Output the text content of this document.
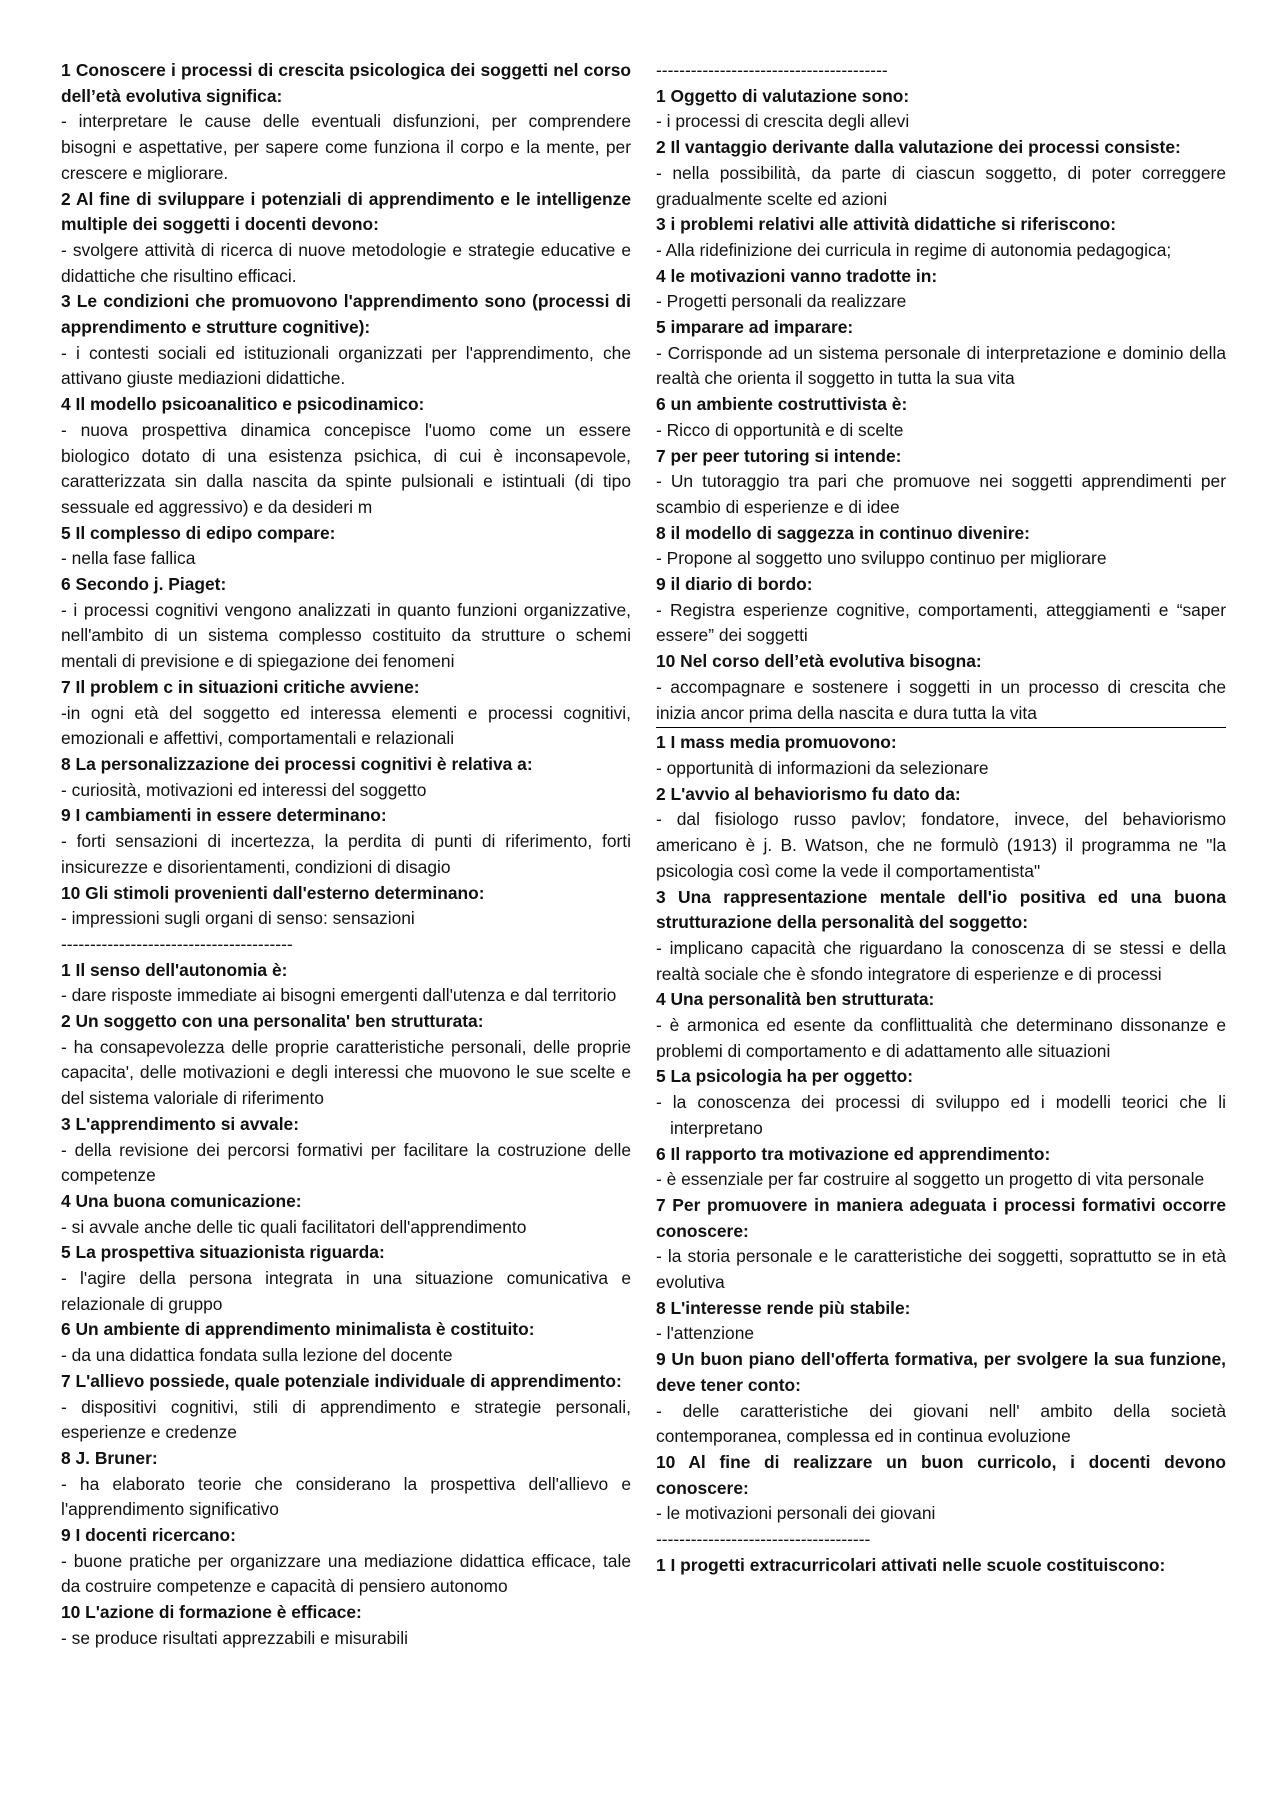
1 Conoscere i processi di crescita psicologica dei soggetti nel corso dell’età evolutiva significa:
- interpretare le cause delle eventuali disfunzioni, per comprendere bisogni e aspettative, per sapere come funziona il corpo e la mente, per crescere e migliorare.
2 Al fine di sviluppare i potenziali di apprendimento e le intelligenze multiple dei soggetti i docenti devono:
- svolgere attività di ricerca di nuove metodologie e strategie educative e didattiche che risultino efficaci.
3 Le condizioni che promuovono l'apprendimento sono (processi di apprendimento e strutture cognitive):
- i contesti sociali ed istituzionali organizzati per l'apprendimento, che attivano giuste mediazioni didattiche.
4 Il modello psicoanalitico e psicodinamico:
- nuova prospettiva dinamica concepisce l'uomo come un essere biologico dotato di una esistenza psichica, di cui è inconsapevole, caratterizzata sin dalla nascita da spinte pulsionali e istintuali (di tipo sessuale ed aggressivo) e da desideri m
5 Il complesso di edipo compare:
- nella fase fallica
6 Secondo j. Piaget:
- i processi cognitivi vengono analizzati in quanto funzioni organizzative, nell'ambito di un sistema complesso costituito da strutture o schemi mentali di previsione e di spiegazione dei fenomeni
7 Il problem c in situazioni critiche avviene:
-in ogni età del soggetto ed interessa elementi e processi cognitivi, emozionali e affettivi, comportamentali e relazionali
8 La personalizzazione dei processi cognitivi è relativa a:
- curiosità, motivazioni ed interessi del soggetto
9 I cambiamenti in essere determinano:
- forti sensazioni di incertezza, la perdita di punti di riferimento, forti insicurezze e disorientamenti, condizioni di disagio
10 Gli stimoli provenienti dall'esterno determinano:
- impressioni sugli organi di senso: sensazioni
----------------------------------------
1 Il senso dell'autonomia è:
- dare risposte immediate ai bisogni emergenti dall'utenza e dal territorio
2 Un soggetto con una personalita' ben strutturata:
- ha consapevolezza delle proprie caratteristiche personali, delle proprie capacita', delle motivazioni e degli interessi che muovono le sue scelte e del sistema valoriale di riferimento
3 L'apprendimento si avvale:
- della revisione dei percorsi formativi per facilitare la costruzione delle competenze
4 Una buona comunicazione:
- si avvale anche delle tic quali facilitatori dell'apprendimento
5 La prospettiva situazionista riguarda:
- l'agire della persona integrata in una situazione comunicativa e relazionale di gruppo
6 Un ambiente di apprendimento minimalista è costituito:
- da una didattica fondata sulla lezione del docente
7 L'allievo possiede, quale potenziale individuale di apprendimento:
- dispositivi cognitivi, stili di apprendimento e strategie personali, esperienze e credenze
8 J. Bruner:
- ha elaborato teorie che considerano la prospettiva dell'allievo e l'apprendimento significativo
9 I docenti ricercano:
- buone pratiche per organizzare una mediazione didattica efficace, tale da costruire competenze e capacità di pensiero autonomo
10 L'azione di formazione è efficace:
- se produce risultati apprezzabili e misurabili
----------------------------------------
1 Oggetto di valutazione sono:
- i processi di crescita degli allevi
2 Il vantaggio derivante dalla valutazione dei processi consiste:
- nella possibilità, da parte di ciascun soggetto, di poter correggere gradualmente scelte ed azioni
3 i problemi relativi alle attività didattiche si riferiscono:
- Alla ridefinizione dei curricula in regime di autonomia pedagogica;
4 le motivazioni vanno tradotte in:
- Progetti personali da realizzare
5 imparare ad imparare:
- Corrisponde ad un sistema personale di interpretazione e dominio della realtà che orienta il soggetto in tutta la sua vita
6 un ambiente costruttivista è:
- Ricco di opportunità e di scelte
7 per peer tutoring si intende:
- Un tutoraggio tra pari che promuove nei soggetti apprendimenti per scambio di esperienze e di idee
8 il modello di saggezza in continuo divenire:
- Propone al soggetto uno sviluppo continuo per migliorare
9 il diario di bordo:
- Registra esperienze cognitive, comportamenti, atteggiamenti e “saper essere” dei soggetti
10 Nel corso dell’età evolutiva bisogna:
- accompagnare e sostenere i soggetti in un processo di crescita che inizia ancor prima della nascita e dura tutta la vita
1 I mass media promuovono:
- opportunità di informazioni da selezionare
2 L'avvio al behaviorismo fu dato da:
- dal fisiologo russo pavlov; fondatore, invece, del behaviorismo americano è j. B. Watson, che ne formulò (1913) il programma ne "la psicologia così come la vede il comportamentista"
3 Una rappresentazione mentale dell'io positiva ed una buona strutturazione della personalità del soggetto:
- implicano capacità che riguardano la conoscenza di se stessi e della realtà sociale che è sfondo integratore di esperienze e di processi
4 Una personalità ben strutturata:
- è armonica ed esente da conflittualità che determinano dissonanze e problemi di comportamento e di adattamento alle situazioni
5 La psicologia ha per oggetto:
- la conoscenza dei processi di sviluppo ed i modelli teorici che li interpretano
6 Il rapporto tra motivazione ed apprendimento:
- è essenziale per far costruire al soggetto un progetto di vita personale
7 Per promuovere in maniera adeguata i processi formativi occorre conoscere:
- la storia personale e le caratteristiche dei soggetti, soprattutto se in età evolutiva
8 L'interesse rende più stabile:
- l'attenzione
9 Un buon piano dell'offerta formativa, per svolgere la sua funzione, deve tener conto:
- delle caratteristiche dei giovani nell' ambito della società contemporanea, complessa ed in continua evoluzione
10 Al fine di realizzare un buon curricolo, i docenti devono conoscere:
- le motivazioni personali dei giovani
-------------------------------------
1 I progetti extracurricolari attivati nelle scuole costituiscono:
